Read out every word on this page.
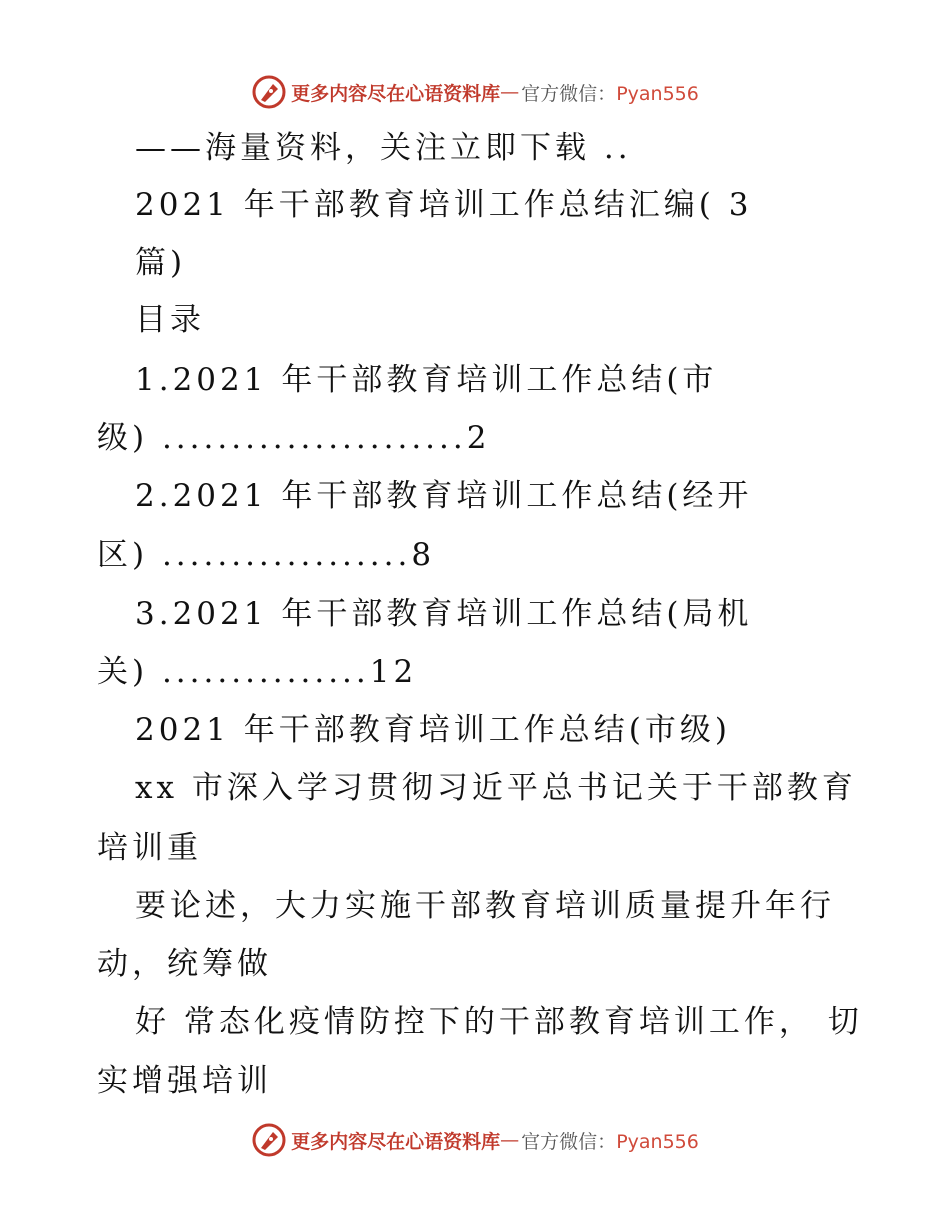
更多内容尽在心语资料库 — 官方微信：Pyan556
——海量资料，关注立即下载 ..
2021 年干部教育培训工作总结汇编( 3
篇)
目录
1.2021 年干部教育培训工作总结(市
级) ......................2
2.2021 年干部教育培训工作总结(经开
区) ..................8
3.2021 年干部教育培训工作总结(局机
关) ...............12
2021 年干部教育培训工作总结(市级)
xx 市深入学习贯彻习近平总书记关于干部教育
培训重
要论述，大力实施干部教育培训质量提升年行
动，统筹做
好 常态化疫情防控下的干部教育培训工作， 切
实增强培训
更多内容尽在心语资料库 — 官方微信：Pyan556
